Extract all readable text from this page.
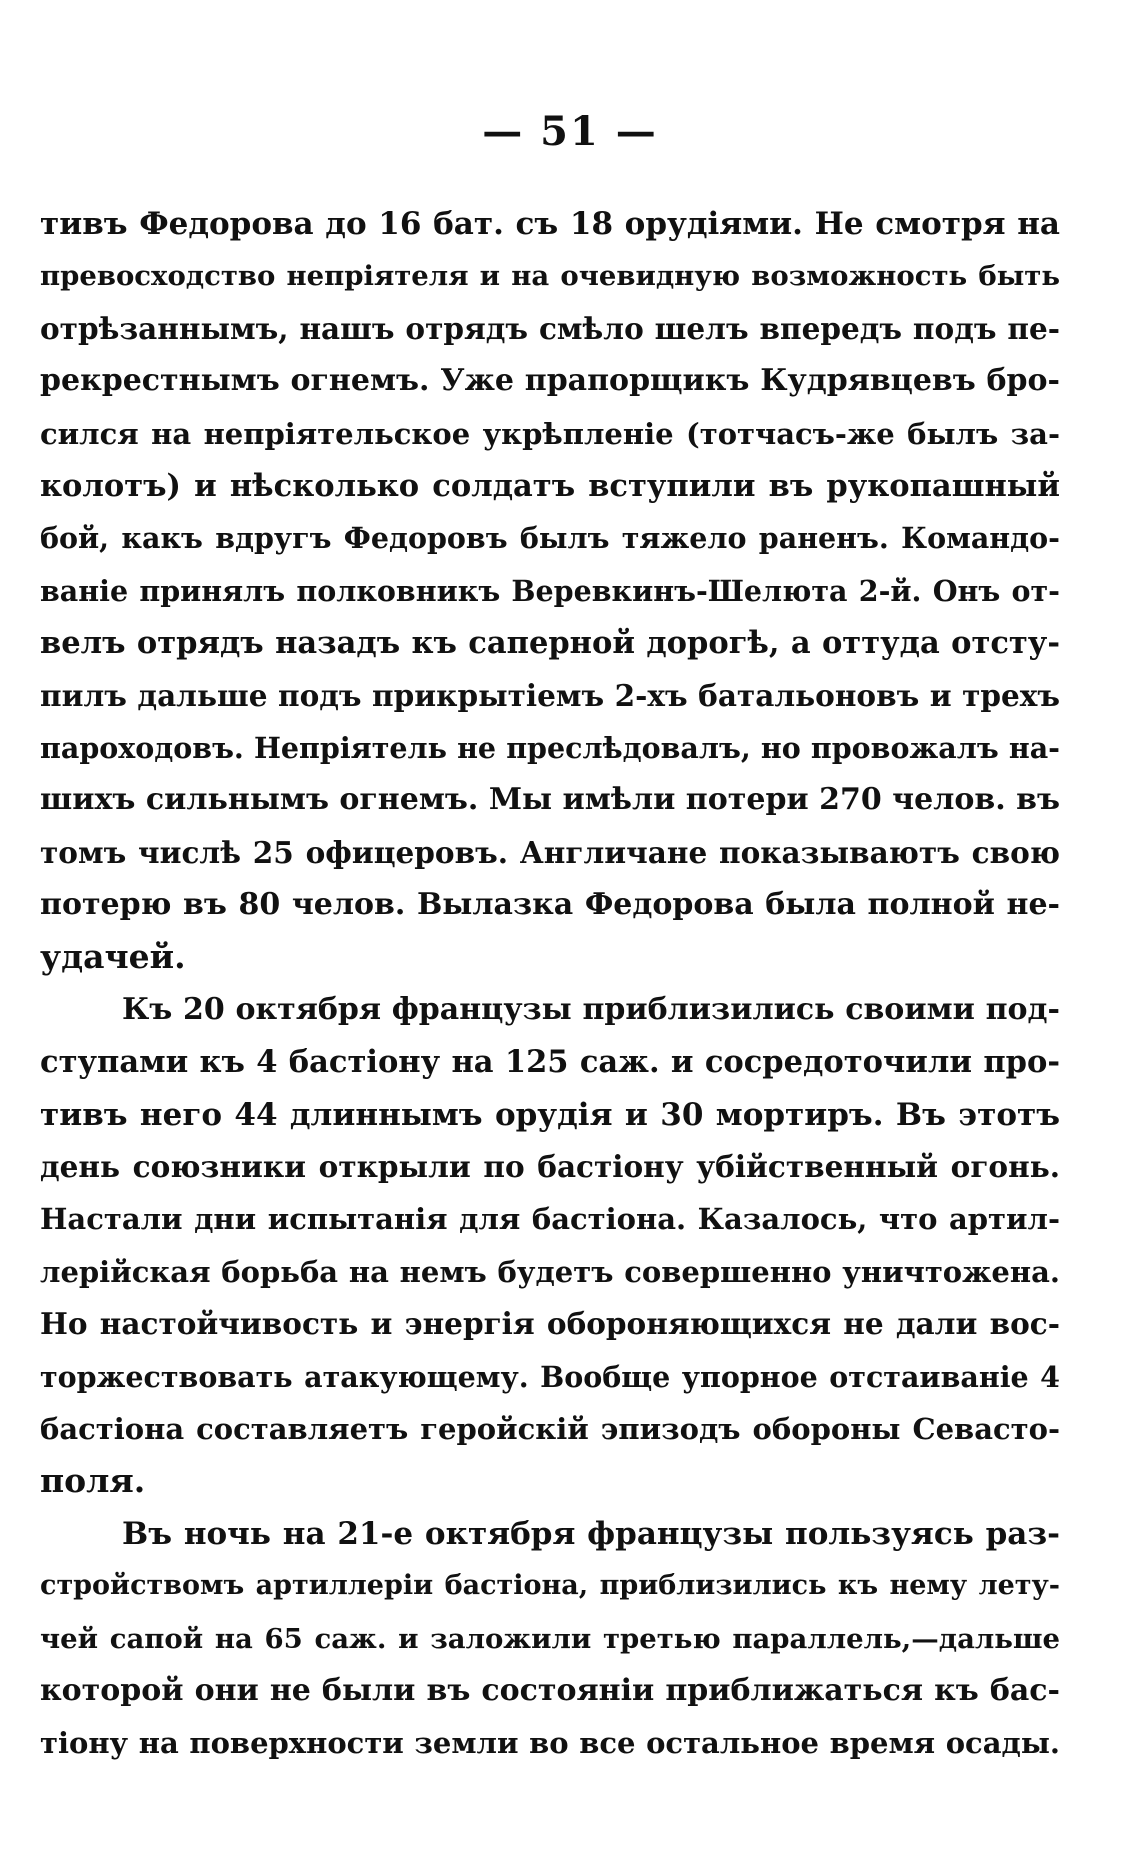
— 51 —
тивъ Федорова до 16 бат. съ 18 орудіями. Не смотря на
превосходство непріятеля и на очевидную возможность быть
отрѣзаннымъ, нашъ отрядъ смѣло шелъ впередъ подъ пе-
рекрестнымъ огнемъ. Уже прапорщикъ Кудрявцевъ бро-
сился на непріятельское укрѣпленіе (тотчасъ-же былъ за-
колотъ) и нѣсколько солдатъ вступили въ рукопашный
бой, какъ вдругъ Федоровъ былъ тяжело раненъ. Командо-
ваніе принялъ полковникъ Веревкинъ-Шелюта 2-й. Онъ от-
велъ отрядъ назадъ къ саперной дорогѣ, а оттуда отсту-
пилъ дальше подъ прикрытіемъ 2-хъ батальоновъ и трехъ
пароходовъ. Непріятель не преслѣдовалъ, но провожалъ на-
шихъ сильнымъ огнемъ. Мы имѣли потери 270 челов. въ
томъ числѣ 25 офицеровъ. Англичане показываютъ свою
потерю въ 80 челов. Вылазка Федорова была полной не-
удачей.
Къ 20 октября французы приблизились своими под-
ступами къ 4 бастіону на 125 саж. и сосредоточили про-
тивъ него 44 длиннымъ орудія и 30 мортиръ. Въ этотъ
день союзники открыли по бастіону убійственный огонь.
Настали дни испытанія для бастіона. Казалось, что артил-
лерійская борьба на немъ будетъ совершенно уничтожена.
Но настойчивость и энергія обороняющихся не дали вос-
торжествовать атакующему. Вообще упорное отстаиваніе 4
бастіона составляетъ геройскій эпизодъ обороны Севасто-
поля.
Въ ночь на 21-е октября французы пользуясь раз-
стройствомъ артиллеріи бастіона, приблизились къ нему лету-
чей сапой на 65 саж. и заложили третью параллель,—дальше
которой они не были въ состояніи приближаться къ бас-
тіону на поверхности земли во все остальное время осады.
